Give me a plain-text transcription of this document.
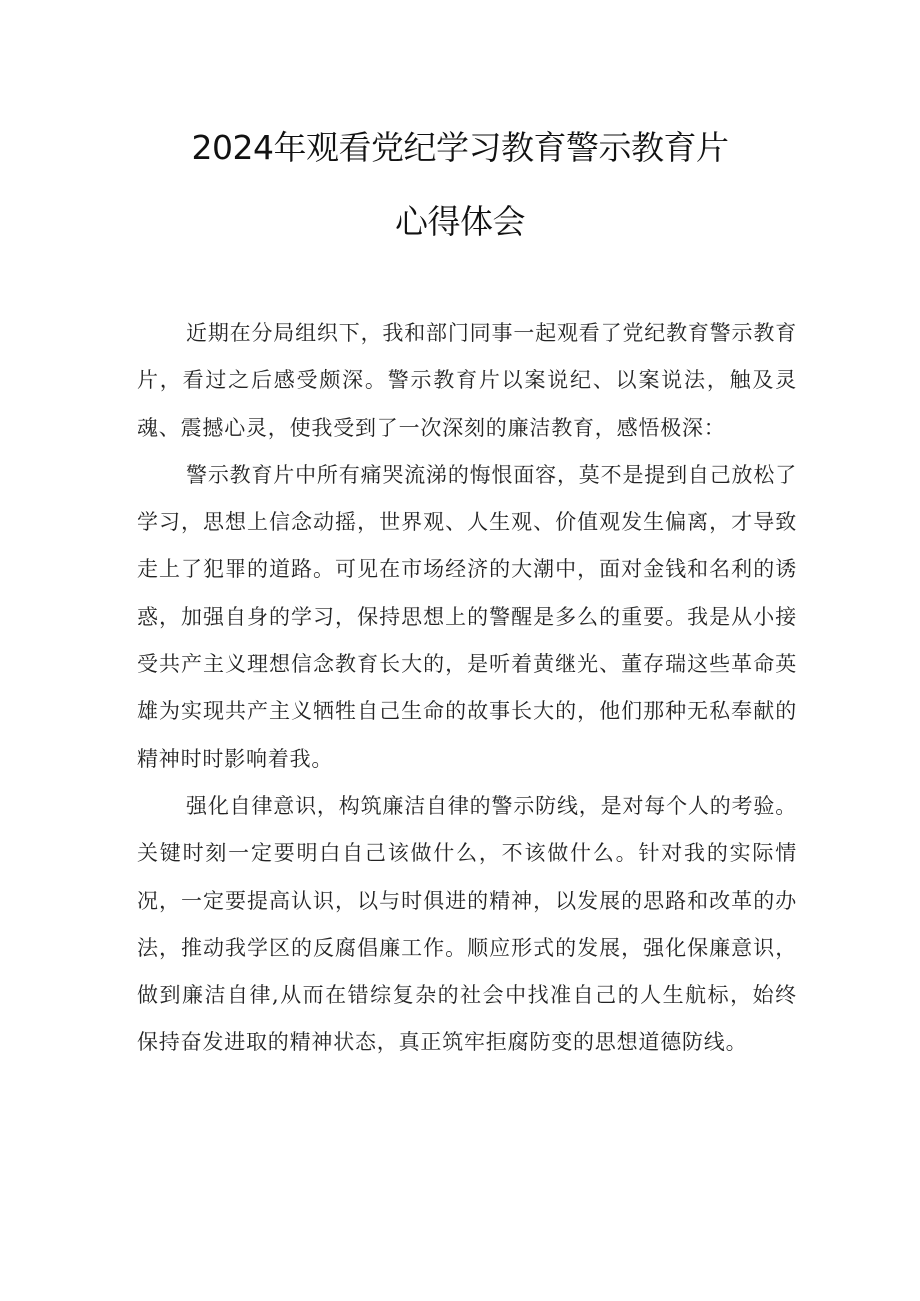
2024年观看党纪学习教育警示教育片
心得体会

近期在分局组织下，我和部门同事一起观看了党纪教育警示教育片，看过之后感受颇深。警示教育片以案说纪、以案说法，触及灵魂、震撼心灵，使我受到了一次深刻的廉洁教育，感悟极深：

警示教育片中所有痛哭流涕的悔恨面容，莫不是提到自己放松了学习，思想上信念动摇，世界观、人生观、价值观发生偏离，才导致走上了犯罪的道路。可见在市场经济的大潮中，面对金钱和名利的诱惑，加强自身的学习，保持思想上的警醒是多么的重要。我是从小接受共产主义理想信念教育长大的，是听着黄继光、董存瑞这些革命英雄为实现共产主义牺牲自己生命的故事长大的，他们那种无私奉献的精神时时影响着我。

强化自律意识，构筑廉洁自律的警示防线，是对每个人的考验。关键时刻一定要明白自己该做什么，不该做什么。针对我的实际情况，一定要提高认识，以与时俱进的精神，以发展的思路和改革的办法，推动我学区的反腐倡廉工作。顺应形式的发展，强化保廉意识，做到廉洁自律,从而在错综复杂的社会中找准自己的人生航标，始终保持奋发进取的精神状态，真正筑牢拒腐防变的思想道德防线。
